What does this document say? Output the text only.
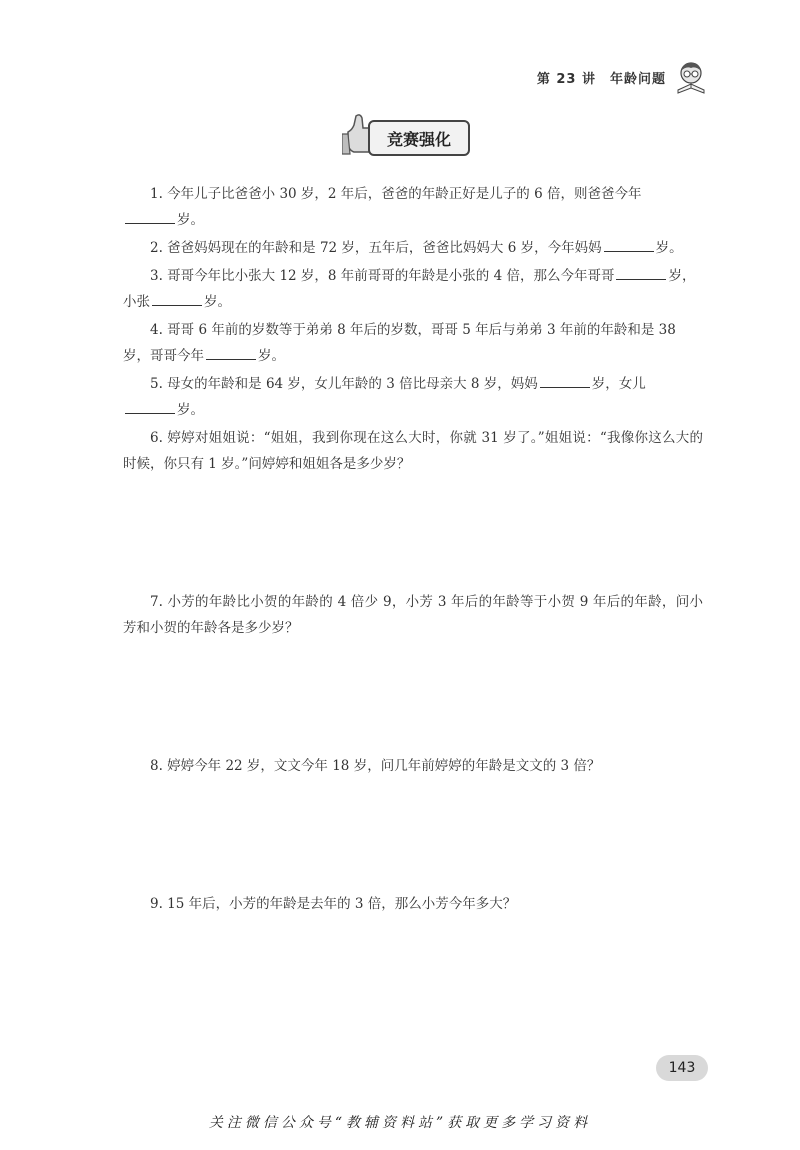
第 23 讲 年龄问题
竞赛强化

1. 今年儿子比爸爸小 30 岁，2 年后，爸爸的年龄正好是儿子的 6 倍，则爸爸今年
岁。

2. 爸爸妈妈现在的年龄和是 72 岁，五年后，爸爸比妈妈大 6 岁，今年妈妈	岁。

3. 哥哥今年比小张大 12 岁，8 年前哥哥的年龄是小张的 4 倍，那么今年哥哥	岁，
小张	岁。

4. 哥哥 6 年前的岁数等于弟弟 8 年后的岁数，哥哥 5 年后与弟弟 3 年前的年龄和是 38
岁，哥哥今年	岁。

5. 母女的年龄和是 64 岁，女儿年龄的 3 倍比母亲大 8 岁，妈妈	岁，女儿
岁。

6. 婷婷对姐姐说：“姐姐，我到你现在这么大时，你就 31 岁了。”姐姐说：“我像你这么大的时候，你只有 1 岁。”问婷婷和姐姐各是多少岁？

7. 小芳的年龄比小贺的年龄的 4 倍少 9，小芳 3 年后的年龄等于小贺 9 年后的年龄，问小芳和小贺的年龄各是多少岁？

8. 婷婷今年 22 岁，文文今年 18 岁，问几年前婷婷的年龄是文文的 3 倍？

9. 15 年后，小芳的年龄是去年的 3 倍，那么小芳今年多大？

143
关注微信公众号“教辅资料站”获取更多学习资料
